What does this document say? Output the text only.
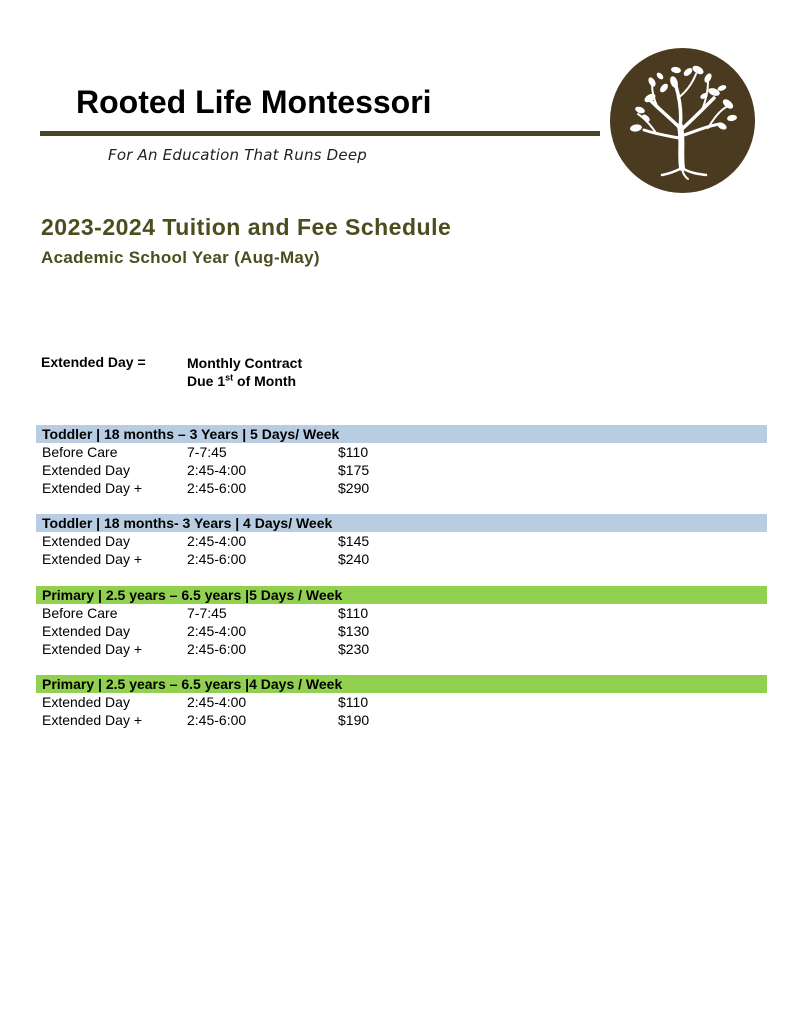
Rooted Life Montessori
For An Education That Runs Deep
2023-2024 Tuition and Fee Schedule
Academic School Year (Aug-May)
Extended Day =	Monthly Contract
Due 1st of Month
Toddler | 18 months – 3 Years | 5 Days/ Week
Before Care	7-7:45	$110
Extended Day	2:45-4:00	$175
Extended Day +	2:45-6:00	$290
Toddler | 18 months- 3 Years | 4 Days/ Week
Extended Day	2:45-4:00	$145
Extended Day +	2:45-6:00	$240
Primary | 2.5 years – 6.5 years |5 Days / Week
Before Care	7-7:45	$110
Extended Day	2:45-4:00	$130
Extended Day +	2:45-6:00	$230
Primary | 2.5 years – 6.5 years |4 Days / Week
Extended Day	2:45-4:00	$110
Extended Day +	2:45-6:00	$190
